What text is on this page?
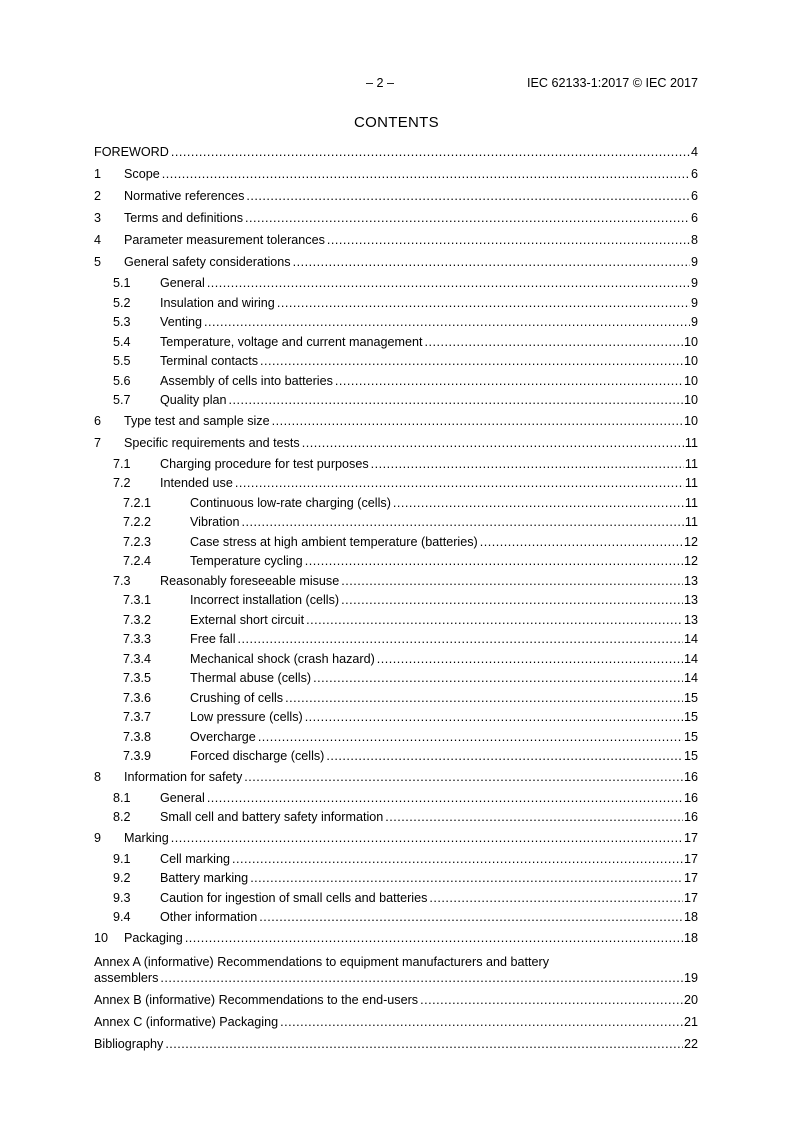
– 2 –	IEC 62133-1:2017 © IEC 2017
CONTENTS
FOREWORD .....	4
1	Scope .....	6
2	Normative references .....	6
3	Terms and definitions .....	6
4	Parameter measurement tolerances .....	8
5	General safety considerations .....	9
5.1	General .....	9
5.2	Insulation and wiring .....	9
5.3	Venting .....	9
5.4	Temperature, voltage and current management .....	10
5.5	Terminal contacts .....	10
5.6	Assembly of cells into batteries .....	10
5.7	Quality plan .....	10
6	Type test and sample size .....	10
7	Specific requirements and tests .....	11
7.1	Charging procedure for test purposes .....	11
7.2	Intended use .....	11
7.2.1	Continuous low-rate charging (cells) .....	11
7.2.2	Vibration .....	11
7.2.3	Case stress at high ambient temperature (batteries) .....	12
7.2.4	Temperature cycling .....	12
7.3	Reasonably foreseeable misuse .....	13
7.3.1	Incorrect installation (cells) .....	13
7.3.2	External short circuit .....	13
7.3.3	Free fall .....	14
7.3.4	Mechanical shock (crash hazard) .....	14
7.3.5	Thermal abuse (cells) .....	14
7.3.6	Crushing of cells .....	15
7.3.7	Low pressure (cells) .....	15
7.3.8	Overcharge .....	15
7.3.9	Forced discharge (cells) .....	15
8	Information for safety .....	16
8.1	General .....	16
8.2	Small cell and battery safety information .....	16
9	Marking .....	17
9.1	Cell marking .....	17
9.2	Battery marking .....	17
9.3	Caution for ingestion of small cells and batteries .....	17
9.4	Other information .....	18
10	Packaging .....	18
Annex A (informative) Recommendations to equipment manufacturers and battery
assemblers .....	19
Annex B (informative) Recommendations to the end-users .....	20
Annex C (informative) Packaging .....	21
Bibliography .....	22
